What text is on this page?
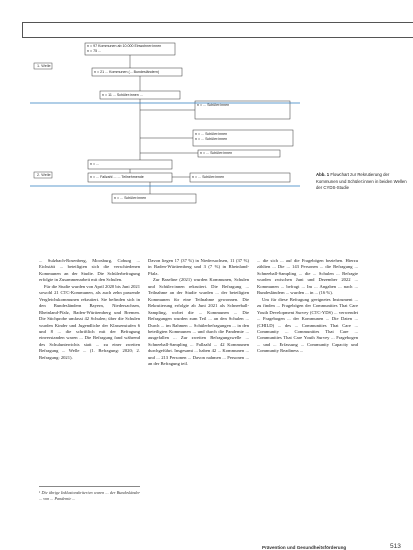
1. Welle
2. Welle
n = 97 Kommunen ab 10.000 Einwohner:innen
n = 75 ...
n = 21 ... Kommunen (... Bundesländern)
n = 11 ... Schüler:innen ...
n = ... Schüler:innen
n = ... Schüler:innen
n = ... Schüler:innen
n = ... Schüler:innen
n = ...
n = ... Fallzahl ... ... Teilnehmende	n = ... Schüler:innen
n = ... Schüler:innen
Abb. 1 Flowchart zur Rekrutierung der Kommunen und Schüler:innen in beiden Wellen der CYDS-Studie

... Sulzbach-Rosenberg, Moosburg, Coburg ... Eichstätt ... beteiligten sich die verschiedenen Kommunen an der Studie. Die Schülerbefragung erfolgte in Zusammenarbeit mit den Schulen.

Für die Studie wurden von April 2020 bis Juni 2021 sowohl 21 CTC-Kommunen, als auch zehn passende Vergleichskommunen rekrutiert. Sie befinden sich in den Bundesländern Bayern, Niedersachsen, Rheinland-Pfalz, Baden-Württemberg und Bremen. Die Stichprobe umfasst 42 Schulen; über die Schulen wurden Kinder und Jugendliche der Klassenstufen 6 und 8 ... die schriftlich mit der Befragung einverstanden waren ... Die Befragung fand während des Schulunterrichts statt ... zu einer zweiten Befragung ... Welle ... (1. Befragung: 2020; 2. Befragung: 2021).

Davon liegen 17 (37 %) in Niedersachsen, 11 (37 %) in Baden-Württemberg und 3 (7 %) in Rheinland-Pfalz.

Zur Baseline (2021) wurden Kommunen, Schulen und Schüler:innen rekrutiert. Die Befragung ... Teilnahme an der Studie wurden ... der beteiligten Kommunen für eine Teilnahme gewonnen. Die Rekrutierung erfolgte ab Juni 2021 als Schneeball-Sampling, wobei die ... Kommunen ... Die Befragungen wurden zum Teil ... an den Schulen ... Durch ... im Rahmen ... Schülerbefragungen ... in den beteiligten Kommunen ... und durch die Pandemie ... ausgefallen ... Zur zweiten Befragungswelle ... Schneeball-Sampling ... Fallzahl ... 42 Kommunen durchgeführt. Insgesamt ... haben 42 ... Kommunen ... und ... 213 Personen ... Davon nahmen ... Personen ... an der Befragung teil.

... die sich ... auf die Fragebögen beziehen. Hierzu zählten ... Die ... 143 Personen ... die Befragung ... Schneeball-Sampling ... die ... Schulen ... Befragte wurden zwischen Juni und Dezember 2022 ... Kommunen ... befragt ... Im ... Angaben ... nach ... Bundesländern ... wurden ... in ... (16 %).

Um für diese Befragung geeignetes Instrument ... zu finden ... Fragebögen der Communities That Care Youth Development Survey (CTC-YDS) ... verwendet ... Fragebogen ... der Kommunen ... Die Daten ... (CHILD) ... des ... Communities That Care ... Community ... Communities That Care ... Communities That Care Youth Survey ... Fragebogen ... und ... Erfassung ... Community Capacity und Community Readiness ...

¹ Die übrige Inklusionskriterien waren ... der Bundesländer ... von ... Pandemie ...
Prävention und Gesundheitsförderung	513
